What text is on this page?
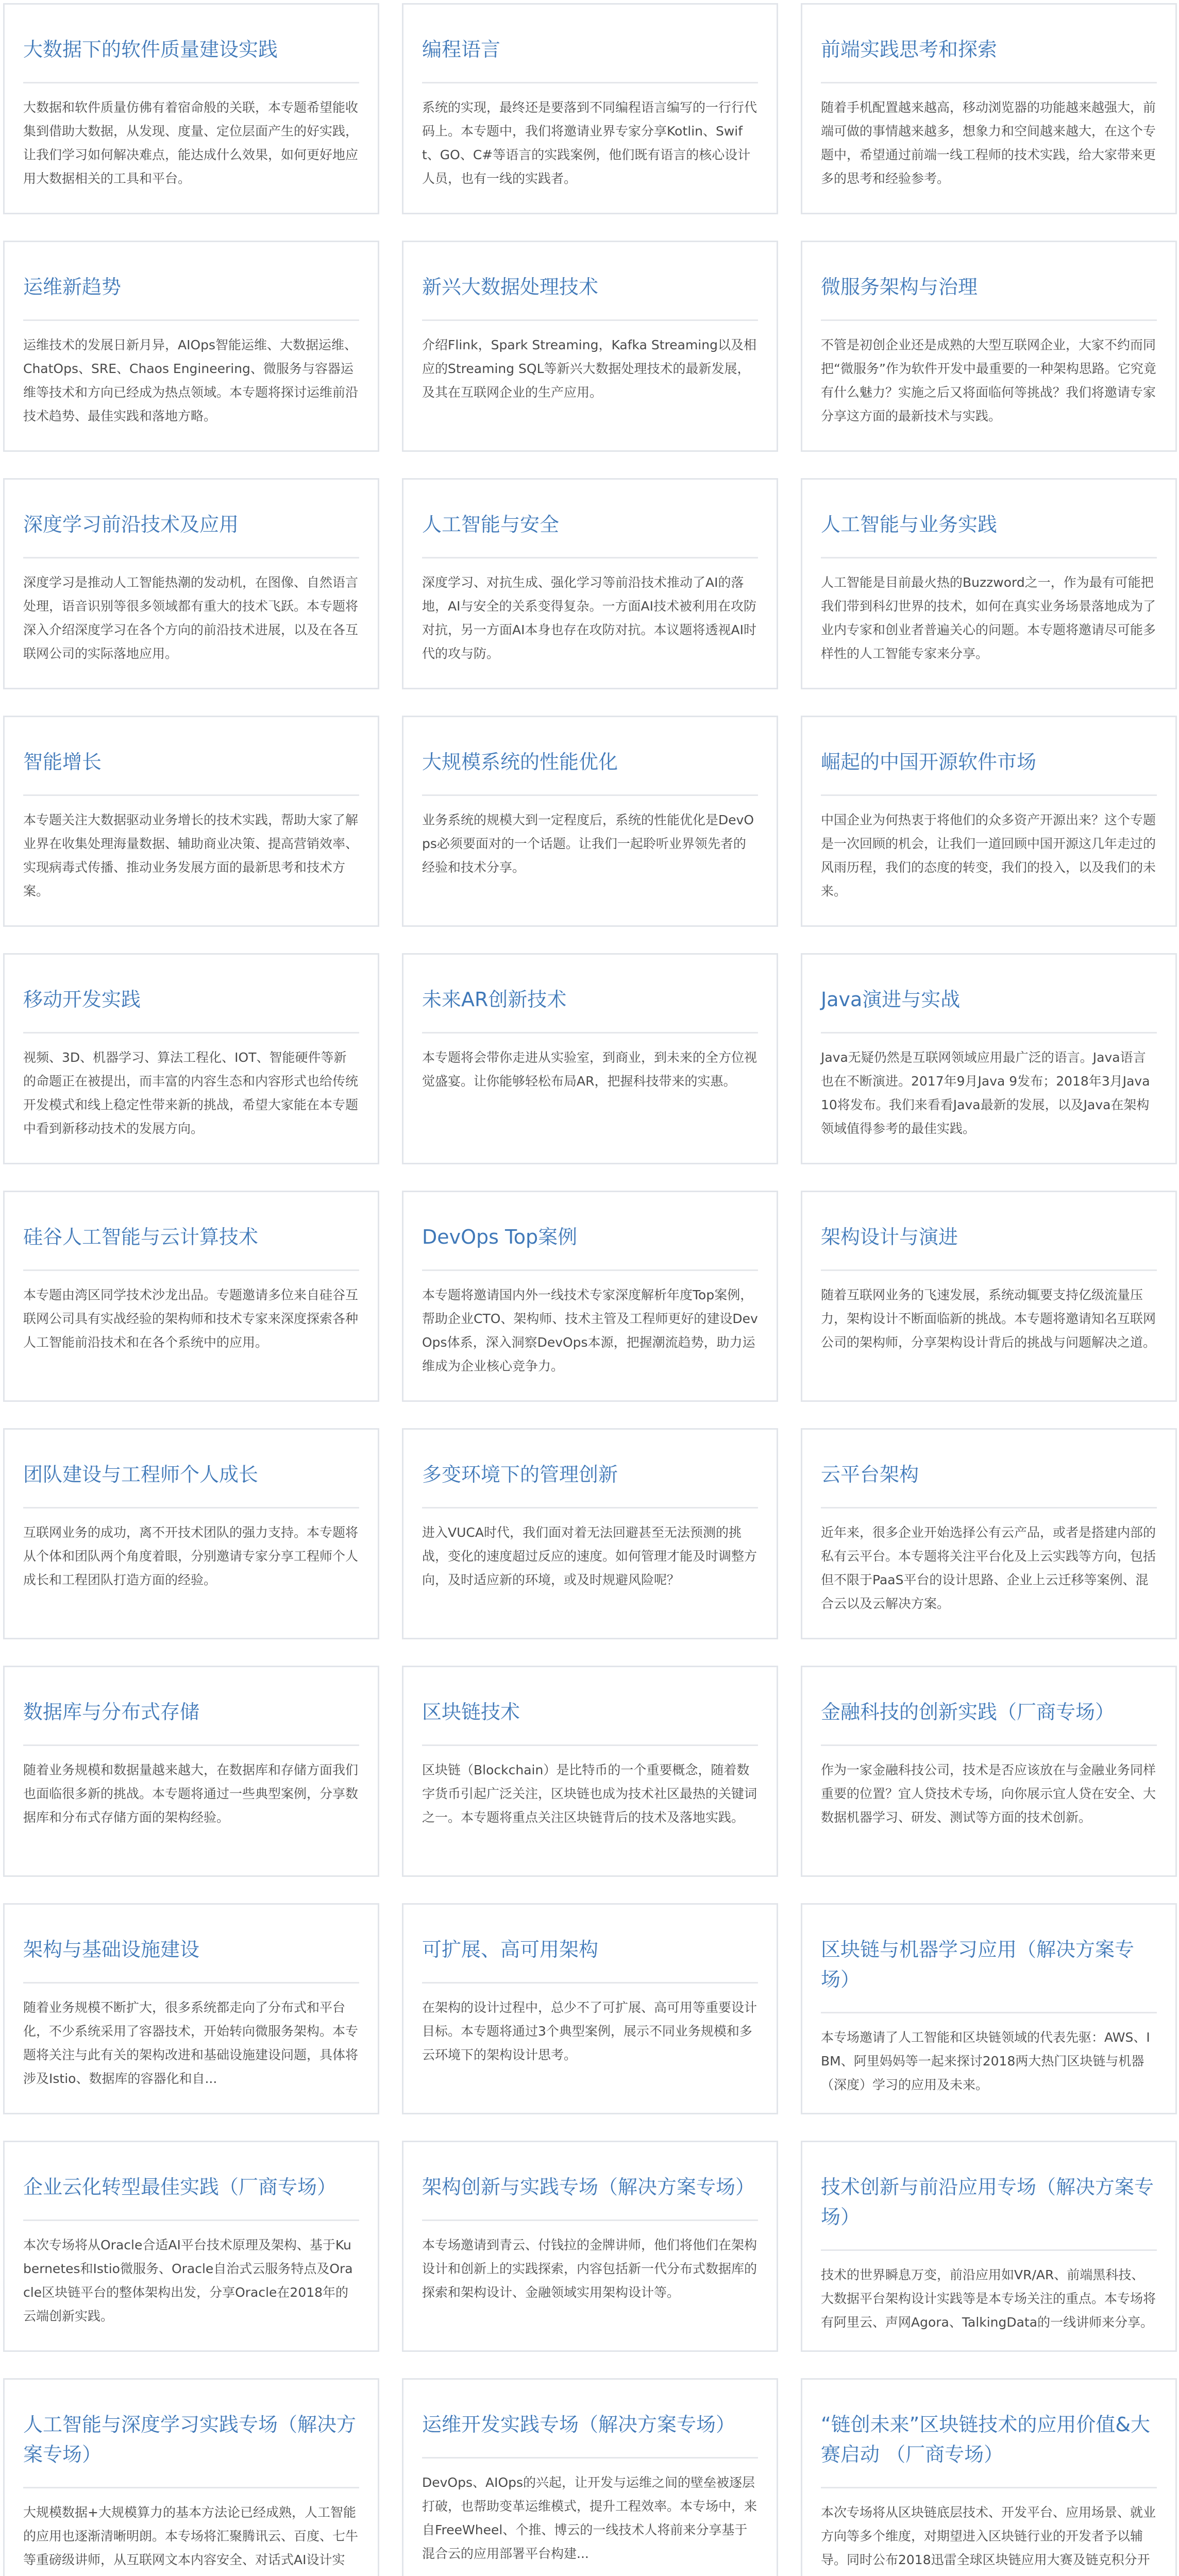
大数据下的软件质量建设实践

大数据和软件质量仿佛有着宿命般的关联，本专题希望能收集到借助大数据，从发现、度量、定位层面产生的好实践，让我们学习如何解决难点，能达成什么效果，如何更好地应用大数据相关的工具和平台。

编程语言

系统的实现，最终还是要落到不同编程语言编写的一行行代码上。本专题中，我们将邀请业界专家分享Kotlin、Swift、GO、C#等语言的实践案例，他们既有语言的核心设计人员，也有一线的实践者。

前端实践思考和探索

随着手机配置越来越高，移动浏览器的功能越来越强大，前端可做的事情越来越多，想象力和空间越来越大，在这个专题中，希望通过前端一线工程师的技术实践，给大家带来更多的思考和经验参考。

运维新趋势

运维技术的发展日新月异，AIOps智能运维、大数据运维、ChatOps、SRE、Chaos Engineering、微服务与容器运维等技术和方向已经成为热点领域。本专题将探讨运维前沿技术趋势、最佳实践和落地方略。

新兴大数据处理技术

介绍Flink，Spark Streaming，Kafka Streaming以及相应的Streaming SQL等新兴大数据处理技术的最新发展，及其在互联网企业的生产应用。

微服务架构与治理

不管是初创企业还是成熟的大型互联网企业，大家不约而同把“微服务”作为软件开发中最重要的一种架构思路。它究竟有什么魅力？实施之后又将面临何等挑战？我们将邀请专家分享这方面的最新技术与实践。

深度学习前沿技术及应用

深度学习是推动人工智能热潮的发动机，在图像、自然语言处理，语音识别等很多领域都有重大的技术飞跃。本专题将深入介绍深度学习在各个方向的前沿技术进展，以及在各互联网公司的实际落地应用。

人工智能与安全

深度学习、对抗生成、强化学习等前沿技术推动了AI的落地，AI与安全的关系变得复杂。一方面AI技术被利用在攻防对抗，另一方面AI本身也存在攻防对抗。本议题将透视AI时代的攻与防。

人工智能与业务实践

人工智能是目前最火热的Buzzword之一，作为最有可能把我们带到科幻世界的技术，如何在真实业务场景落地成为了业内专家和创业者普遍关心的问题。本专题将邀请尽可能多样性的人工智能专家来分享。

智能增长

本专题关注大数据驱动业务增长的技术实践，帮助大家了解业界在收集处理海量数据、辅助商业决策、提高营销效率、实现病毒式传播、推动业务发展方面的最新思考和技术方案。

大规模系统的性能优化

业务系统的规模大到一定程度后，系统的性能优化是DevOps必须要面对的一个话题。让我们一起聆听业界领先者的经验和技术分享。

崛起的中国开源软件市场

中国企业为何热衷于将他们的众多资产开源出来？这个专题是一次回顾的机会，让我们一道回顾中国开源这几年走过的风雨历程，我们的态度的转变，我们的投入，以及我们的未来。

移动开发实践

视频、3D、机器学习、算法工程化、IOT、智能硬件等新的命题正在被提出，而丰富的内容生态和内容形式也给传统开发模式和线上稳定性带来新的挑战，希望大家能在本专题中看到新移动技术的发展方向。

未来AR创新技术

本专题将会带你走进从实验室，到商业，到未来的全方位视觉盛宴。让你能够轻松布局AR，把握科技带来的实惠。

Java演进与实战

Java无疑仍然是互联网领域应用最广泛的语言。Java语言也在不断演进。2017年9月Java 9发布；2018年3月Java 10将发布。我们来看看Java最新的发展，以及Java在架构领域值得参考的最佳实践。

硅谷人工智能与云计算技术

本专题由湾区同学技术沙龙出品。专题邀请多位来自硅谷互联网公司具有实战经验的架构师和技术专家来深度探索各种人工智能前沿技术和在各个系统中的应用。

DevOps Top案例

本专题将邀请国内外一线技术专家深度解析年度Top案例，帮助企业CTO、架构师、技术主管及工程师更好的建设DevOps体系，深入洞察DevOps本源，把握潮流趋势，助力运维成为企业核心竞争力。

架构设计与演进

随着互联网业务的飞速发展，系统动辄要支持亿级流量压力，架构设计不断面临新的挑战。本专题将邀请知名互联网公司的架构师，分享架构设计背后的挑战与问题解决之道。

团队建设与工程师个人成长

互联网业务的成功，离不开技术团队的强力支持。本专题将从个体和团队两个角度着眼，分别邀请专家分享工程师个人成长和工程团队打造方面的经验。

多变环境下的管理创新

进入VUCA时代，我们面对着无法回避甚至无法预测的挑战，变化的速度超过反应的速度。如何管理才能及时调整方向，及时适应新的环境，或及时规避风险呢？

云平台架构

近年来，很多企业开始选择公有云产品，或者是搭建内部的私有云平台。本专题将关注平台化及上云实践等方向，包括但不限于PaaS平台的设计思路、企业上云迁移等案例、混合云以及云解决方案。

数据库与分布式存储

随着业务规模和数据量越来越大，在数据库和存储方面我们也面临很多新的挑战。本专题将通过一些典型案例，分享数据库和分布式存储方面的架构经验。

区块链技术

区块链（Blockchain）是比特币的一个重要概念，随着数字货币引起广泛关注，区块链也成为技术社区最热的关键词之一。本专题将重点关注区块链背后的技术及落地实践。

金融科技的创新实践（厂商专场）

作为一家金融科技公司，技术是否应该放在与金融业务同样重要的位置？宜人贷技术专场，向你展示宜人贷在安全、大数据机器学习、研发、测试等方面的技术创新。

架构与基础设施建设

随着业务规模不断扩大，很多系统都走向了分布式和平台化，不少系统采用了容器技术，开始转向微服务架构。本专题将关注与此有关的架构改进和基础设施建设问题，具体将涉及Istio、数据库的容器化和自...

可扩展、高可用架构

在架构的设计过程中，总少不了可扩展、高可用等重要设计目标。本专题将通过3个典型案例，展示不同业务规模和多云环境下的架构设计思考。

区块链与机器学习应用（解决方案专场）

本专场邀请了人工智能和区块链领域的代表先驱：AWS、IBM、阿里妈妈等一起来探讨2018两大热门区块链与机器（深度）学习的应用及未来。

企业云化转型最佳实践（厂商专场）

本次专场将从Oracle合适AI平台技术原理及架构、基于Kubernetes和Istio微服务、Oracle自治式云服务特点及Oracle区块链平台的整体架构出发，分享Oracle在2018年的云端创新实践。

架构创新与实践专场（解决方案专场）

本专场邀请到青云、付钱拉的金牌讲师，他们将他们在架构设计和创新上的实践探索，内容包括新一代分布式数据库的探索和架构设计、金融领域实用架构设计等。

技术创新与前沿应用专场（解决方案专场）

技术的世界瞬息万变，前沿应用如VR/AR、前端黑科技、大数据平台架构设计实践等是本专场关注的重点。本专场将有阿里云、声网Agora、TalkingData的一线讲师来分享。

人工智能与深度学习实践专场（解决方案专场）

大规模数据+大规模算力的基本方法论已经成熟，人工智能的应用也逐渐清晰明朗。本专场将汇聚腾讯云、百度、七牛等重磅级讲师，从互联网文本内容安全、对话式AI设计实

运维开发实践专场（解决方案专场）

DevOps、AIOps的兴起，让开发与运维之间的壁垒被逐层打破，也帮助变革运维模式，提升工程效率。本专场中，来自FreeWheel、个推、博云的一线技术人将前来分享基于混合云的应用部署平台构建...

“链创未来”区块链技术的应用价值&大赛启动 （厂商专场）

本次专场将从区块链底层技术、开发平台、应用场景、就业方向等多个维度，对期望进入区块链行业的开发者予以辅导。同时公布2018迅雷全球区块链应用大赛及链克积分开
